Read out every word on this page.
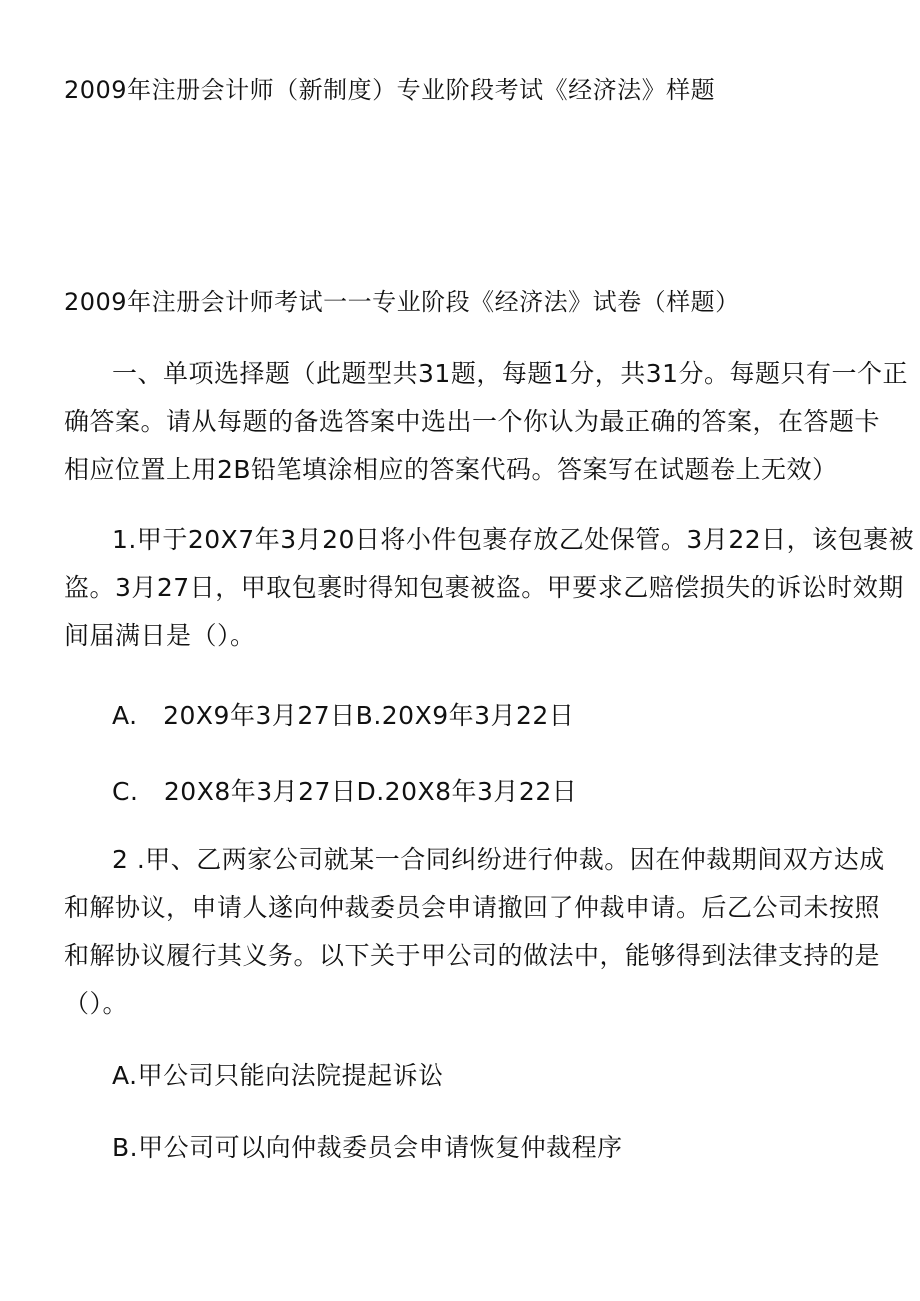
2009年注册会计师（新制度）专业阶段考试《经济法》样题
2009年注册会计师考试一一专业阶段《经济法》试卷（样题）
一、单项选择题（此题型共31题，每题1分，共31分。每题只有一个正
确答案。请从每题的备选答案中选出一个你认为最正确的答案，在答题卡
相应位置上用2B铅笔填涂相应的答案代码。答案写在试题卷上无效）
1.甲于20X7年3月20日将小件包裹存放乙处保管。3月22日，该包裹被
盗。3月27日，甲取包裹时得知包裹被盗。甲要求乙赔偿损失的诉讼时效期
间届满日是（）。
A.　20X9年3月27日B.20X9年3月22日
C.　20X8年3月27日D.20X8年3月22日
2 .甲、乙两家公司就某一合同纠纷进行仲裁。因在仲裁期间双方达成
和解协议，申请人遂向仲裁委员会申请撤回了仲裁申请。后乙公司未按照
和解协议履行其义务。以下关于甲公司的做法中，能够得到法律支持的是
（）。
A.甲公司只能向法院提起诉讼
B.甲公司可以向仲裁委员会申请恢复仲裁程序
